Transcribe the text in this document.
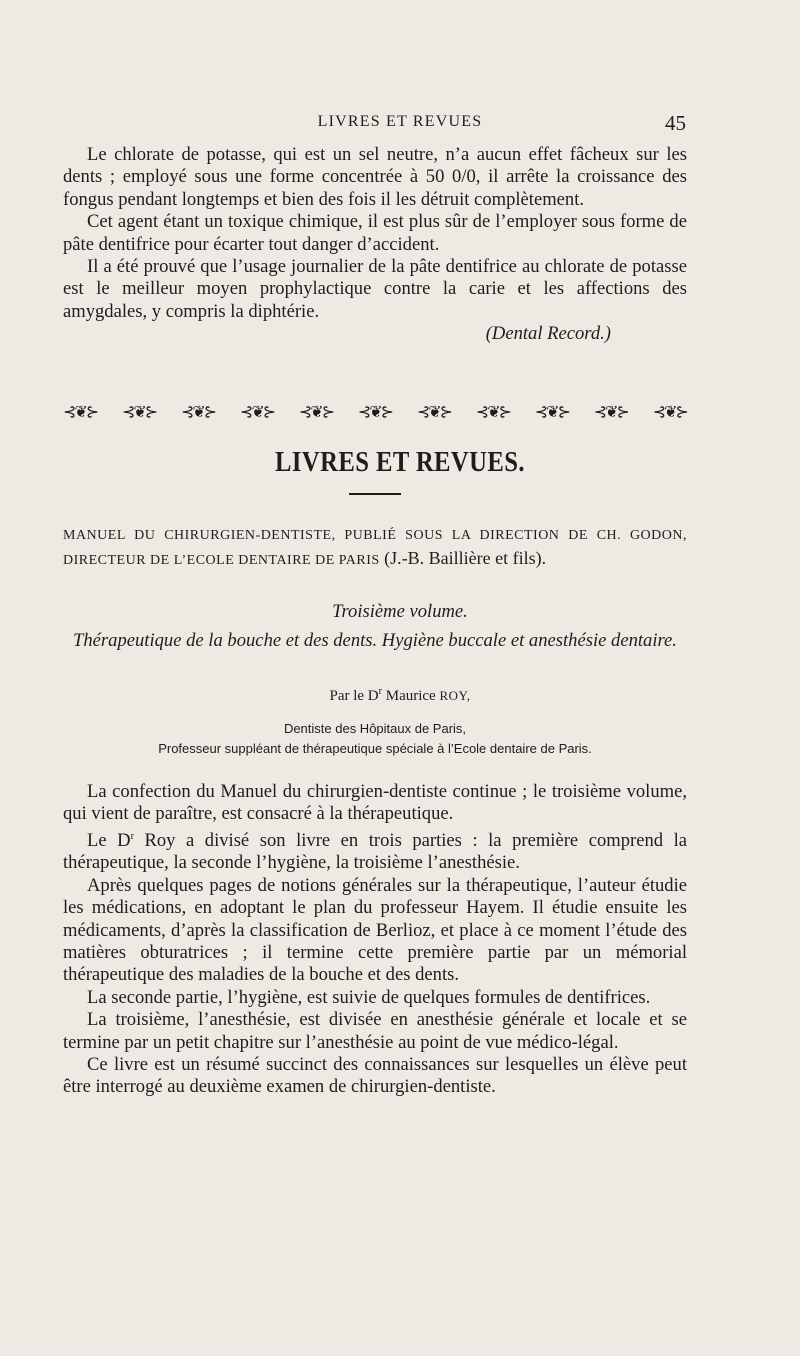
LIVRES ET REVUES	45

Le chlorate de potasse, qui est un sel neutre, n’a aucun effet fâcheux sur les dents ; employé sous une forme concentrée à 50 0/0, il arrête la croissance des fongus pendant longtemps et bien des fois il les détruit complètement.

Cet agent étant un toxique chimique, il est plus sûr de l’employer sous forme de pâte dentifrice pour écarter tout danger d’accident.

Il a été prouvé que l’usage journalier de la pâte dentifrice au chlorate de potasse est le meilleur moyen prophylactique contre la carie et les affections des amygdales, y compris la diphtérie.

(Dental Record.)

⊰❦⊱ ⊰❦⊱ ⊰❦⊱ ⊰❦⊱ ⊰❦⊱ ⊰❦⊱ ⊰❦⊱ ⊰❦⊱ ⊰❦⊱ ⊰❦⊱ ⊰❦⊱
LIVRES ET REVUES.
MANUEL DU CHIRURGIEN-DENTISTE, PUBLIÉ SOUS LA DIRECTION DE CH. GODON, DIRECTEUR DE L’ECOLE DENTAIRE DE PARIS (J.-B. Baillière et fils).
Troisième volume.
Thérapeutique de la bouche et des dents. Hygiène buccale et anesthésie dentaire.
Par le $D^r$ Maurice ROY,
Dentiste des Hôpitaux de Paris,
Professeur suppléant de thérapeutique spéciale à l’Ecole dentaire de Paris.

La confection du Manuel du chirurgien-dentiste continue ; le troisième volume, qui vient de paraître, est consacré à la thérapeutique.

Le $D^r$ Roy a divisé son livre en trois parties : la première comprend la thérapeutique, la seconde l’hygiène, la troisième l’anesthésie.

Après quelques pages de notions générales sur la thérapeutique, l’auteur étudie les médications, en adoptant le plan du professeur Hayem. Il étudie ensuite les médicaments, d’après la classification de Berlioz, et place à ce moment l’étude des matières obturatrices ; il termine cette première partie par un mémorial thérapeutique des maladies de la bouche et des dents.

La seconde partie, l’hygiène, est suivie de quelques formules de dentifrices.

La troisième, l’anesthésie, est divisée en anesthésie générale et locale et se termine par un petit chapitre sur l’anesthésie au point de vue médico-légal.

Ce livre est un résumé succinct des connaissances sur lesquelles un élève peut être interrogé au deuxième examen de chirurgien-dentiste.
